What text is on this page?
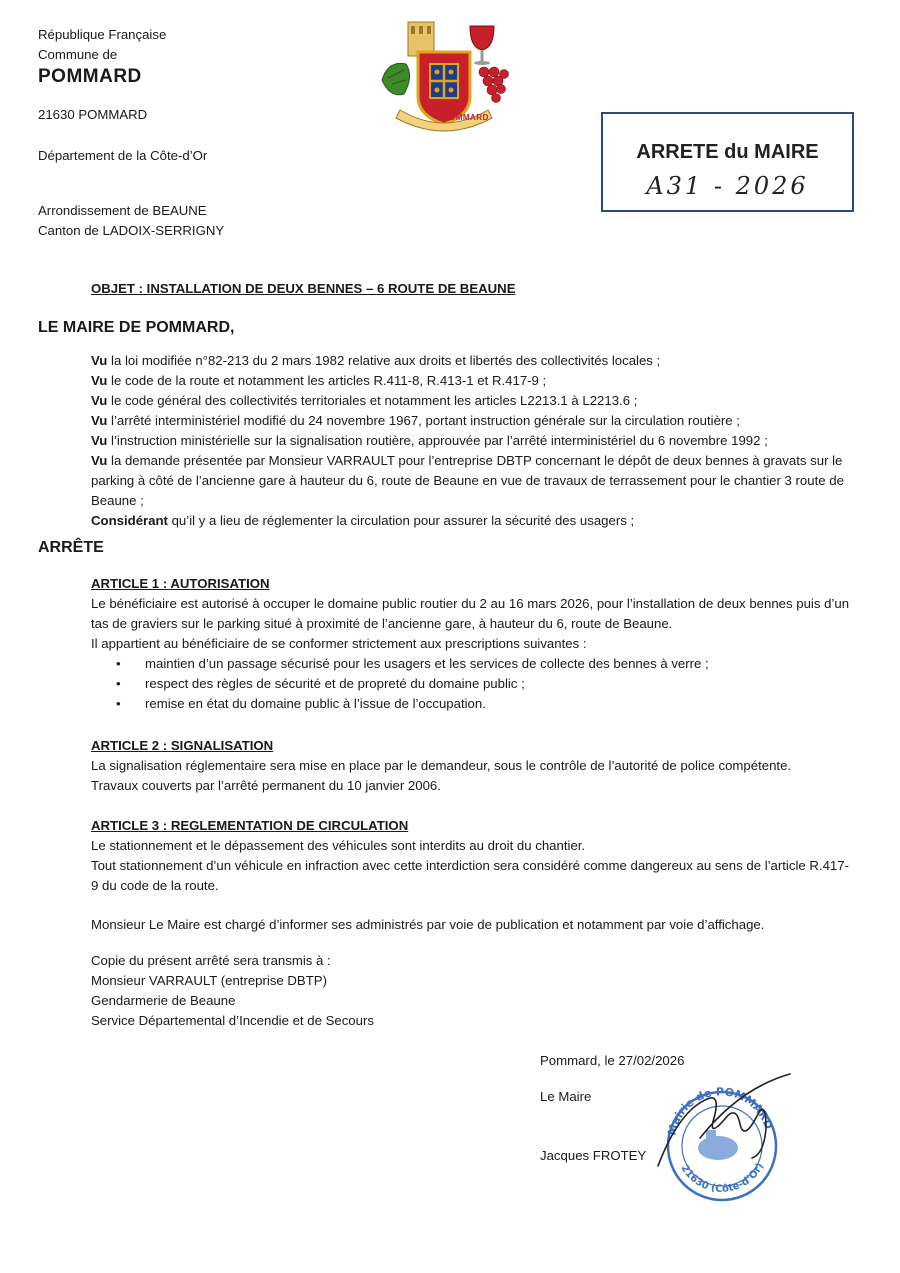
République Française
Commune de
POMMARD
21630 POMMARD
Département de la Côte-d’Or
Arrondissement de BEAUNE
Canton de LADOIX-SERRIGNY
POMMARD
ARRETE du MAIRE
A31 - 2026
OBJET : INSTALLATION DE DEUX BENNES – 6 ROUTE DE BEAUNE
LE MAIRE DE POMMARD,
Vu la loi modifiée n°82-213 du 2 mars 1982 relative aux droits et libertés des collectivités locales ;
Vu le code de la route et notamment les articles R.411-8, R.413-1 et R.417-9 ;
Vu le code général des collectivités territoriales et notamment les articles L2213.1 à L2213.6 ;
Vu l’arrêté interministériel modifié du 24 novembre 1967, portant instruction générale sur la circulation routière ;
Vu l’instruction ministérielle sur la signalisation routière, approuvée par l’arrêté interministériel du 6 novembre 1992 ;
Vu la demande présentée par Monsieur VARRAULT pour l’entreprise DBTP concernant le dépôt de deux bennes à gravats sur le parking à côté de l’ancienne gare à hauteur du 6, route de Beaune en vue de travaux de terrassement pour le chantier 3 route de Beaune ;
Considérant qu’il y a lieu de réglementer la circulation pour assurer la sécurité des usagers ;
ARRÊTE
ARTICLE 1 : AUTORISATION
Le bénéficiaire est autorisé à occuper le domaine public routier du 2 au 16 mars 2026, pour l’installation de deux bennes puis d’un tas de graviers sur le parking situé à proximité de l’ancienne gare, à hauteur du 6, route de Beaune.
Il appartient au bénéficiaire de se conformer strictement aux prescriptions suivantes :
• maintien d’un passage sécurisé pour les usagers et les services de collecte des bennes à verre ;
• respect des règles de sécurité et de propreté du domaine public ;
• remise en état du domaine public à l’issue de l’occupation.
ARTICLE 2 : SIGNALISATION
La signalisation réglementaire sera mise en place par le demandeur, sous le contrôle de l’autorité de police compétente.
Travaux couverts par l’arrêté permanent du 10 janvier 2006.
ARTICLE 3 : REGLEMENTATION DE CIRCULATION
Le stationnement et le dépassement des véhicules sont interdits au droit du chantier.
Tout stationnement d’un véhicule en infraction avec cette interdiction sera considéré comme dangereux au sens de l’article R.417-9 du code de la route.
Monsieur Le Maire est chargé d’informer ses administrés par voie de publication et notamment par voie d’affichage.
Copie du présent arrêté sera transmis à :
Monsieur VARRAULT (entreprise DBTP)
Gendarmerie de Beaune
Service Départemental d’Incendie et de Secours
Pommard, le 27/02/2026
Le Maire
Jacques FROTEY
Mairie de POMMARD
21630 (Côte-d’Or)
